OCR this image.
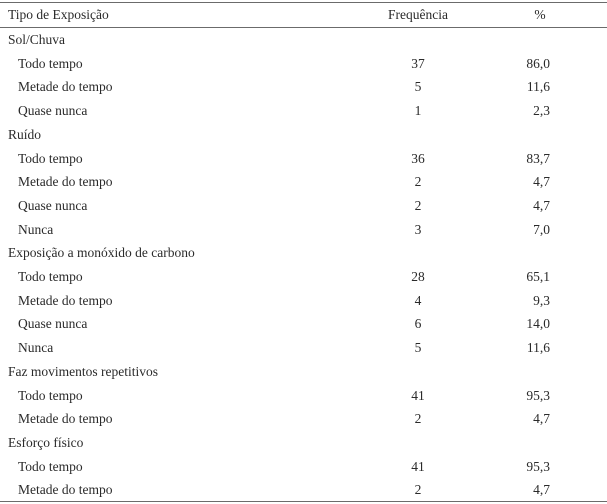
Tipo de Exposição	Frequência	%
Sol/Chuva
Todo tempo	37	86,0
Metade do tempo	5	11,6
Quase nunca	1	2,3
Ruído
Todo tempo	36	83,7
Metade do tempo	2	4,7
Quase nunca	2	4,7
Nunca	3	7,0
Exposição a monóxido de carbono
Todo tempo	28	65,1
Metade do tempo	4	9,3
Quase nunca	6	14,0
Nunca	5	11,6
Faz movimentos repetitivos
Todo tempo	41	95,3
Metade do tempo	2	4,7
Esforço físico
Todo tempo	41	95,3
Metade do tempo	2	4,7
